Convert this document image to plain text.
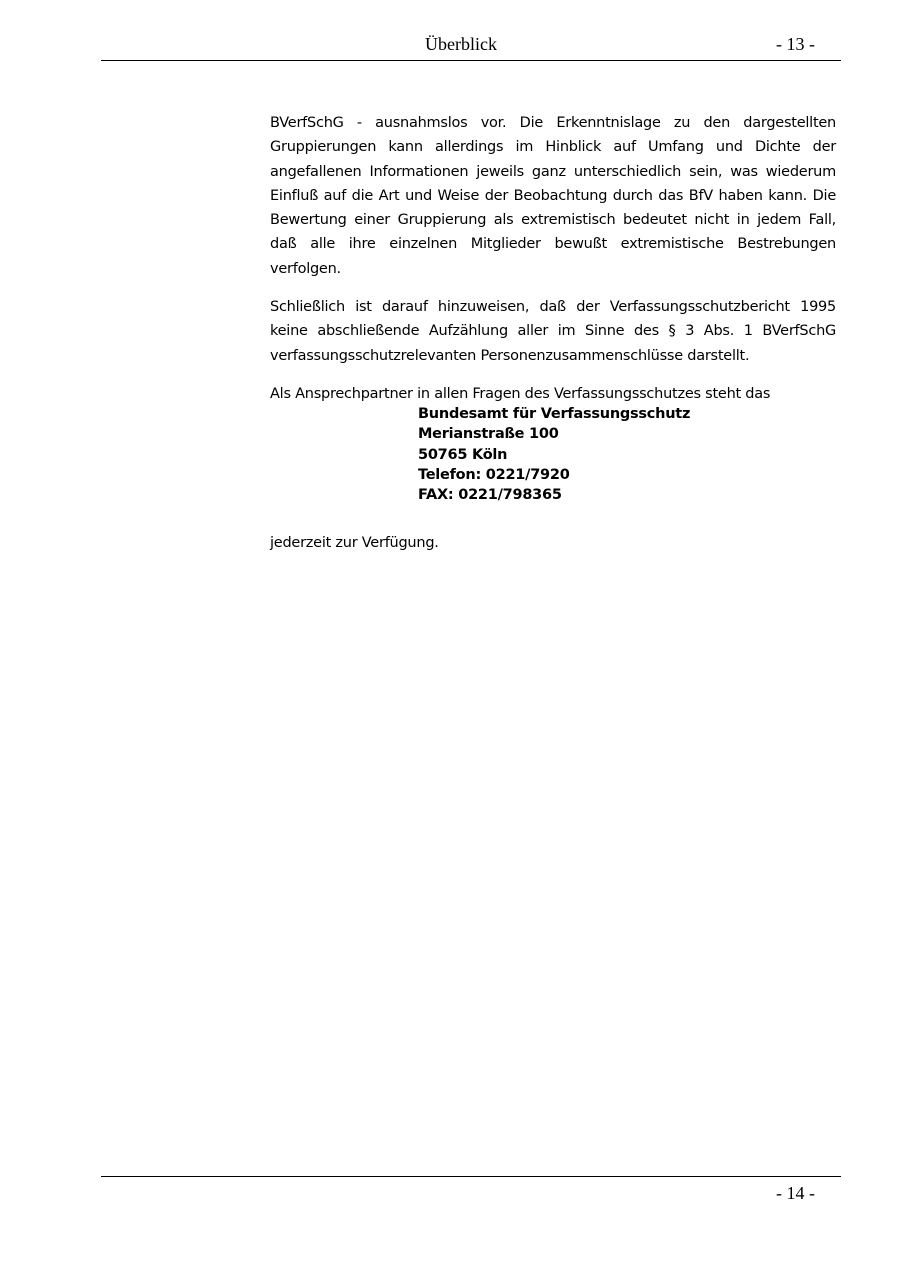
Überblick	- 13 -

BVerfSchG - ausnahmslos vor. Die Erkenntnislage zu den dargestellten Gruppierungen kann allerdings im Hinblick auf Umfang und Dichte der angefallenen Informationen jeweils ganz unterschiedlich sein, was wiederum Einfluß auf die Art und Weise der Beobachtung durch das BfV haben kann. Die Bewertung einer Gruppierung als extremistisch bedeutet nicht in jedem Fall, daß alle ihre einzelnen Mitglieder bewußt extremistische Bestrebungen verfolgen.

Schließlich ist darauf hinzuweisen, daß der Verfassungsschutzbericht 1995 keine abschließende Aufzählung aller im Sinne des § 3 Abs. 1 BVerfSchG verfassungsschutzrelevanten Personenzusammenschlüsse darstellt.

Als Ansprechpartner in allen Fragen des Verfassungsschutzes steht das

Bundesamt für Verfassungsschutz
Merianstraße 100
50765 Köln
Telefon: 0221/7920
FAX: 0221/798365
jederzeit zur Verfügung.
- 14 -
